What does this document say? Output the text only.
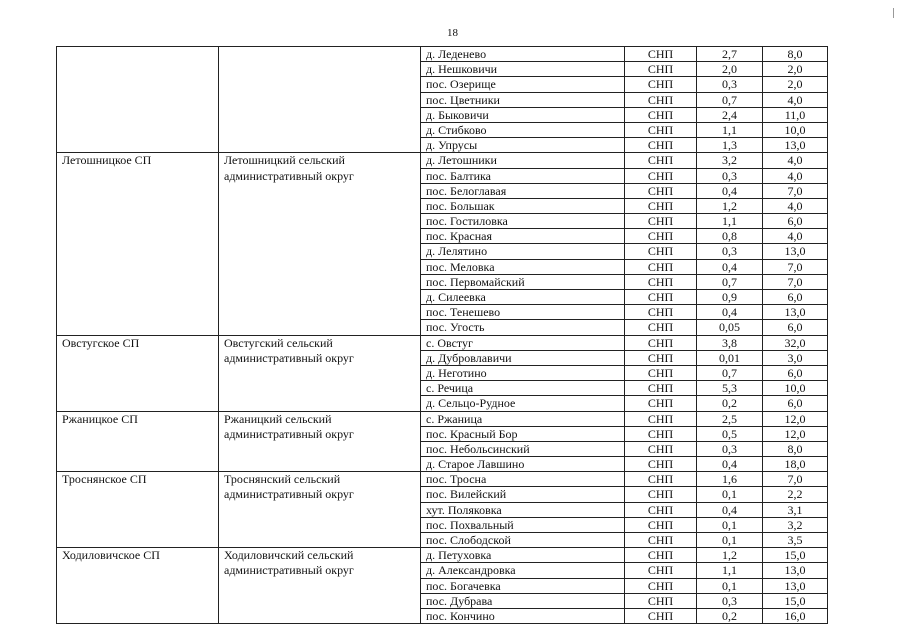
18
		д. Леденево	СНП	2,7	8,0
		д. Нешковичи	СНП	2,0	2,0
		пос. Озерище	СНП	0,3	2,0
		пос. Цветники	СНП	0,7	4,0
		д. Быковичи	СНП	2,4	11,0
		д. Стибково	СНП	1,1	10,0
		д. Упрусы	СНП	1,3	13,0
Летошницкое СП	Летошницкий сельский административный округ	д. Летошники	СНП	3,2	4,0
		пос. Балтика	СНП	0,3	4,0
		пос. Белоглавая	СНП	0,4	7,0
		пос. Большак	СНП	1,2	4,0
		пос. Гостиловка	СНП	1,1	6,0
		пос. Красная	СНП	0,8	4,0
		д. Лелятино	СНП	0,3	13,0
		пос. Меловка	СНП	0,4	7,0
		пос. Первомайский	СНП	0,7	7,0
		д. Силеевка	СНП	0,9	6,0
		пос. Тенешево	СНП	0,4	13,0
		пос. Угость	СНП	0,05	6,0
Овстугское СП	Овстугский сельский административный округ	с. Овстуг	СНП	3,8	32,0
		д. Дубровлавичи	СНП	0,01	3,0
		д. Неготино	СНП	0,7	6,0
		с. Речица	СНП	5,3	10,0
		д. Сельцо-Рудное	СНП	0,2	6,0
Ржаницкое СП	Ржаницкий сельский административный округ	с. Ржаница	СНП	2,5	12,0
		пос. Красный Бор	СНП	0,5	12,0
		пос. Небольсинский	СНП	0,3	8,0
		д. Старое Лавшино	СНП	0,4	18,0
Троснянское СП	Троснянский сельский административный округ	пос. Тросна	СНП	1,6	7,0
		пос. Вилейский	СНП	0,1	2,2
		хут. Поляковка	СНП	0,4	3,1
		пос. Похвальный	СНП	0,1	3,2
		пос. Слободской	СНП	0,1	3,5
Ходиловичское СП	Ходиловичский сельский административный округ	д. Петуховка	СНП	1,2	15,0
		д. Александровка	СНП	1,1	13,0
		пос. Богачевка	СНП	0,1	13,0
		пос. Дубрава	СНП	0,3	15,0
		пос. Кончино	СНП	0,2	16,0
